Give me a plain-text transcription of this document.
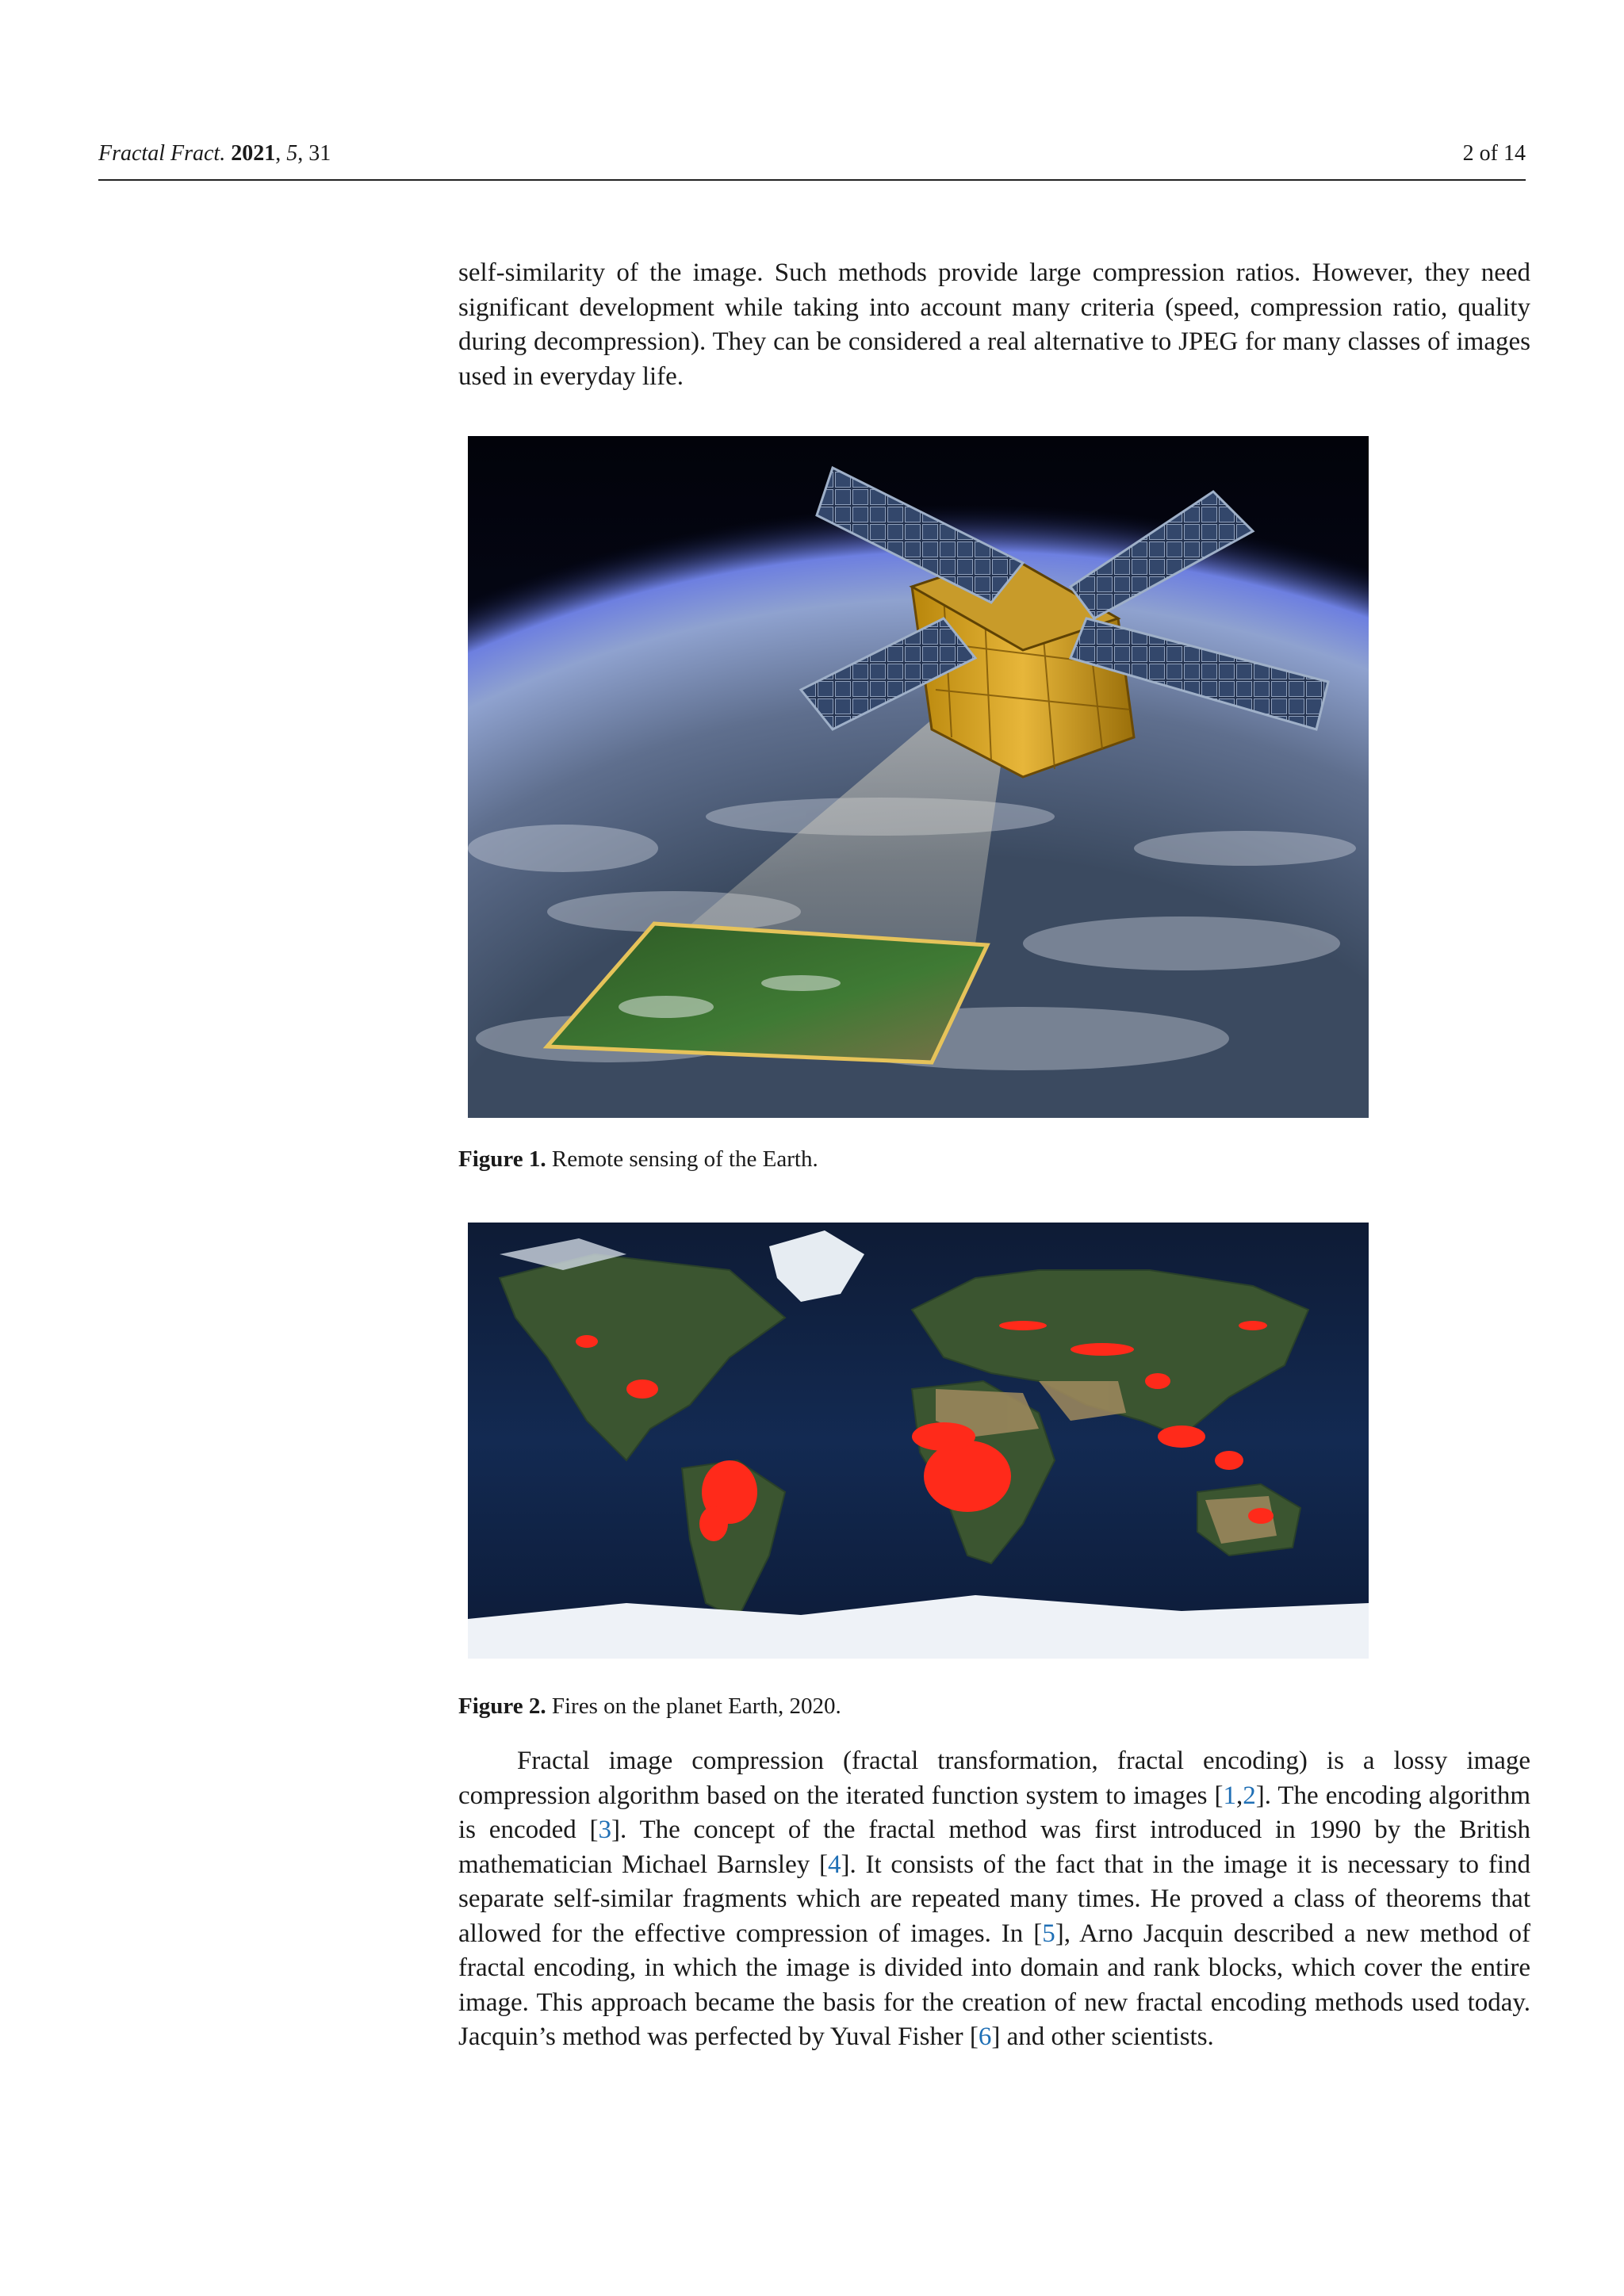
Fractal Fract. 2021, 5, 31	2 of 14

self-similarity of the image. Such methods provide large compression ratios. However, they need significant development while taking into account many criteria (speed, compression ratio, quality during decompression). They can be considered a real alternative to JPEG for many classes of images used in everyday life.

Figure 1. Remote sensing of the Earth.
Figure 2. Fires on the planet Earth, 2020.

Fractal image compression (fractal transformation, fractal encoding) is a lossy image compression algorithm based on the iterated function system to images [1,2]. The encoding algorithm is encoded [3]. The concept of the fractal method was first introduced in 1990 by the British mathematician Michael Barnsley [4]. It consists of the fact that in the image it is necessary to find separate self-similar fragments which are repeated many times. He proved a class of theorems that allowed for the effective compression of images. In [5], Arno Jacquin described a new method of fractal encoding, in which the image is divided into domain and rank blocks, which cover the entire image. This approach became the basis for the creation of new fractal encoding methods used today. Jacquin’s method was perfected by Yuval Fisher [6] and other scientists.
